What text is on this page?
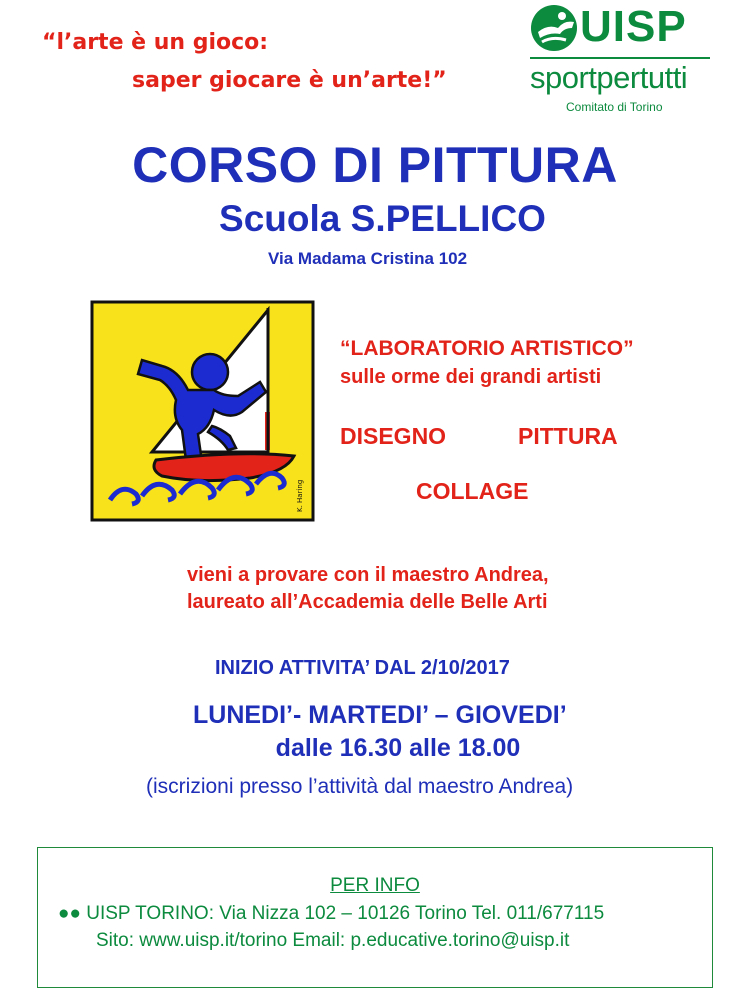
“l’arte è un gioco:
saper giocare è un’arte!”
UISP
sportpertutti
Comitato di Torino
CORSO DI PITTURA
Scuola S.PELLICO
Via Madama Cristina 102
K. Haring
“LABORATORIO ARTISTICO”
sulle orme dei grandi artisti
DISEGNO	PITTURA
COLLAGE
vieni a provare con il maestro Andrea,
laureato all’Accademia delle Belle Arti
INIZIO ATTIVITA’ DAL 2/10/2017
LUNEDI’- MARTEDI’ – GIOVEDI’
dalle 16.30 alle 18.00
(iscrizioni presso l’attività dal maestro Andrea)
PER INFO
●● UISP TORINO: Via Nizza 102 – 10126 Torino Tel. 011/677115
Sito: www.uisp.it/torino Email: p.educative.torino@uisp.it
